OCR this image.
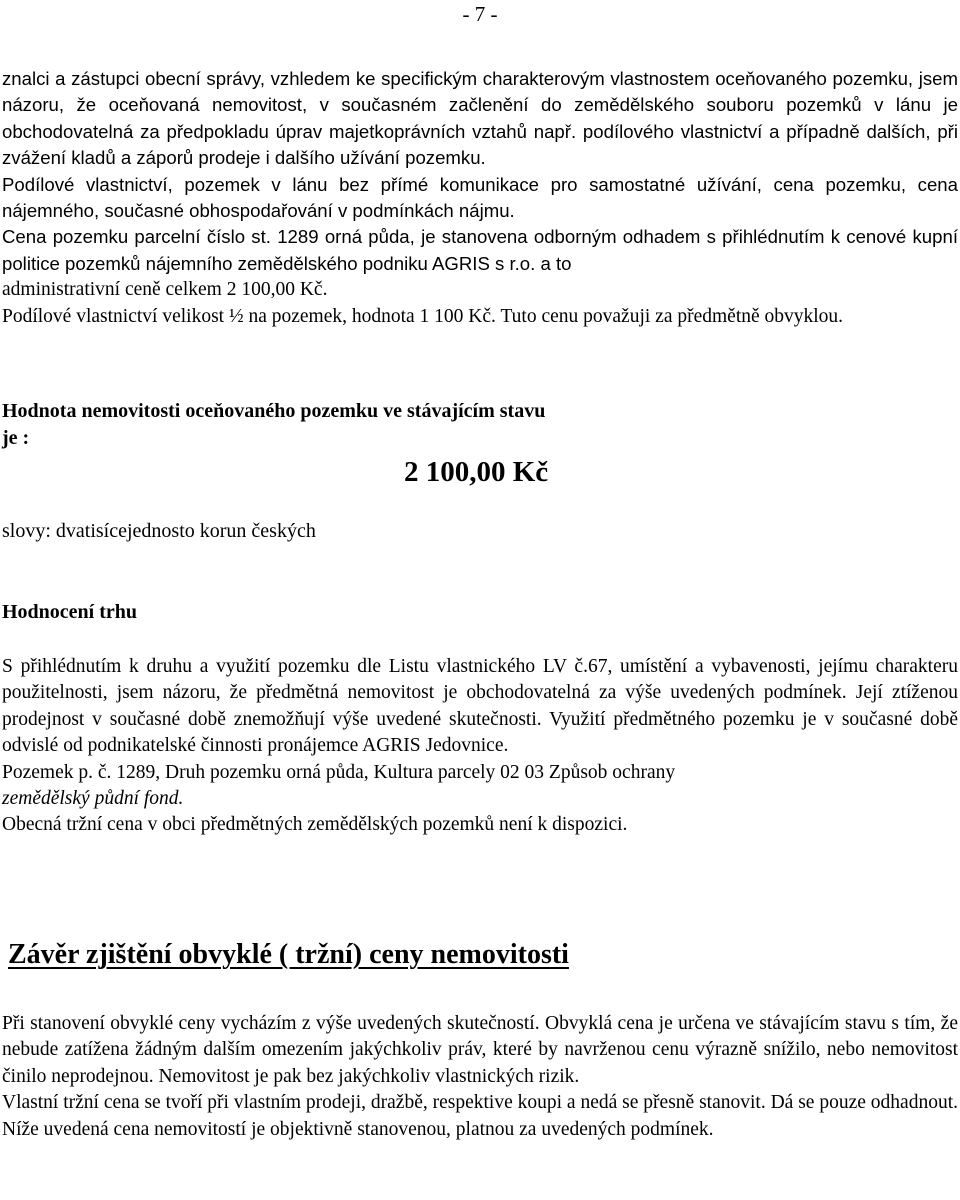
- 7 -

znalci a zástupci obecní správy, vzhledem ke specifickým charakterovým vlastnostem oceňovaného pozemku, jsem názoru, že oceňovaná nemovitost, v současném začlenění do zemědělského souboru pozemků v lánu je obchodovatelná za předpokladu úprav majetkoprávních vztahů např. podílového vlastnictví a případně dalších, při zvážení kladů a záporů prodeje i dalšího užívání pozemku.

Podílové vlastnictví, pozemek v lánu bez přímé komunikace pro samostatné užívání, cena pozemku, cena nájemného, současné obhospodařování v podmínkách nájmu.

Cena pozemku parcelní číslo st. 1289 orná půda, je stanovena odborným odhadem s přihlédnutím k cenové kupní politice pozemků nájemního zemědělského podniku AGRIS s r.o. a to

administrativní ceně celkem 2 100,00 Kč.

Podílové vlastnictví velikost ½ na pozemek, hodnota 1 100 Kč. Tuto cenu považuji za předmětně obvyklou.

Hodnota nemovitosti oceňovaného pozemku ve stávajícím stavu

je :

2 100,00 Kč
slovy: dvatisícejednosto korun českých

Hodnocení trhu

S přihlédnutím k druhu a využití pozemku dle Listu vlastnického LV č.67, umístění a vybavenosti, jejímu charakteru použitelnosti, jsem názoru, že předmětná nemovitost je obchodovatelná za výše uvedených podmínek. Její ztíženou prodejnost v současné době znemožňují výše uvedené skutečnosti. Využití předmětného pozemku je v současné době odvislé od podnikatelské činnosti pronájemce AGRIS Jedovnice.

Pozemek p. č. 1289, Druh pozemku orná půda, Kultura parcely 02 03 Způsob ochrany
zemědělský půdní fond.

Obecná tržní cena v obci předmětných zemědělských pozemků není k dispozici.

Závěr zjištění obvyklé ( tržní) ceny nemovitosti

Při stanovení obvyklé ceny vycházím z výše uvedených skutečností. Obvyklá cena je určena ve stávajícím stavu s tím, že nebude zatížena žádným dalším omezením jakýchkoliv práv, které by navrženou cenu výrazně snížilo, nebo nemovitost činilo neprodejnou. Nemovitost je pak bez jakýchkoliv vlastnických rizik.

Vlastní tržní cena se tvoří při vlastním prodeji, dražbě, respektive koupi a nedá se přesně stanovit. Dá se pouze odhadnout. Níže uvedená cena nemovitostí je objektivně stanovenou, platnou za uvedených podmínek.
